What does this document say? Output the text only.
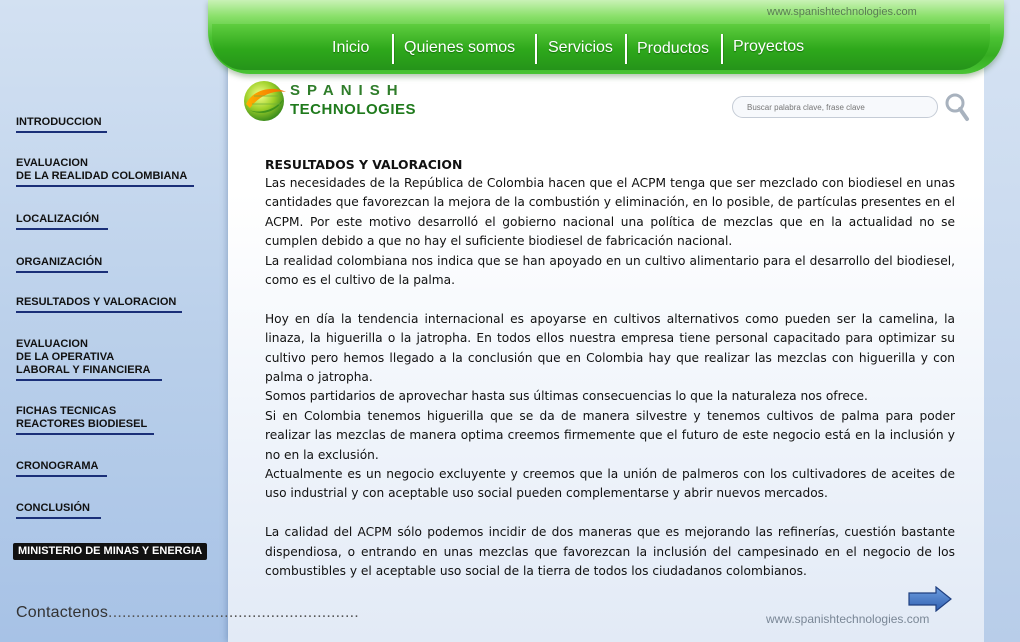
www.spanishtechnologies.com
Inicio Quienes somos Servicios Productos Proyectos
SPANISH
TECHNOLOGIES
Buscar palabra clave, frase clave
INTRODUCCION
EVALUACION
DE LA REALIDAD COLOMBIANA
LOCALIZACIÓN
ORGANIZACIÓN
RESULTADOS Y VALORACION
EVALUACION
DE LA OPERATIVA
LABORAL Y FINANCIERA
FICHAS TECNICAS
REACTORES BIODIESEL
CRONOGRAMA
CONCLUSIÓN
MINISTERIO DE MINAS Y ENERGIA
Contactenos......................................................
RESULTADOS Y VALORACION

Las necesidades de la República de Colombia hacen que el ACPM tenga que ser mezclado con biodiesel en unas cantidades que favorezcan la mejora de la combustión y eliminación, en lo posible, de partículas presentes en el ACPM. Por este motivo desarrolló el gobierno nacional una política de mezclas que en la actualidad no se cumplen debido a que no hay el suficiente biodiesel de fabricación nacional.

La realidad colombiana nos indica que se han apoyado en un cultivo alimentario para el desarrollo del biodiesel, como es el cultivo de la palma.

Hoy en día la tendencia internacional es apoyarse en cultivos alternativos como pueden ser la camelina, la linaza, la higuerilla o la jatropha. En todos ellos nuestra empresa tiene personal capacitado para optimizar su cultivo pero hemos llegado a la conclusión que en Colombia hay que realizar las mezclas con higuerilla y con palma o jatropha.

Somos partidarios de aprovechar hasta sus últimas consecuencias lo que la naturaleza nos ofrece.

Si en Colombia tenemos higuerilla que se da de manera silvestre y tenemos cultivos de palma para poder realizar las mezclas de manera optima creemos firmemente que el futuro de este negocio está en la inclusión y no en la exclusión.

Actualmente es un negocio excluyente y creemos que la unión de palmeros con los cultivadores de aceites de uso industrial y con aceptable uso social pueden complementarse y abrir nuevos mercados.

La calidad del ACPM sólo podemos incidir de dos maneras que es mejorando las refinerías, cuestión bastante dispendiosa, o entrando en unas mezclas que favorezcan la inclusión del campesinado en el negocio de los combustibles y el aceptable uso social de la tierra de todos los ciudadanos colombianos.

www.spanishtechnologies.com
